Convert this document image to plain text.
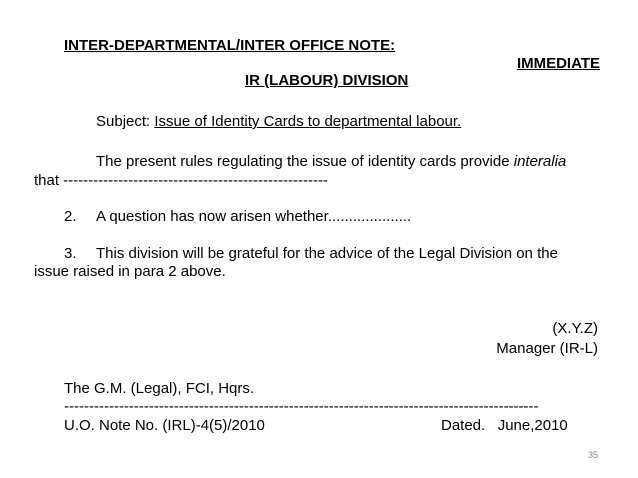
INTER-DEPARTMENTAL/INTER OFFICE NOTE:
IMMEDIATE
IR (LABOUR) DIVISION
Subject: Issue of Identity Cards to departmental labour.
The present rules regulating the issue of identity cards provide interalia
that -----------------------------------------------------
2. A question has now arisen whether....................
3. This division will be grateful for the advice of the Legal Division on the
issue raised in para 2 above.
(X.Y.Z)
Manager (IR-L)
The G.M. (Legal), FCI, Hqrs.
-----------------------------------------------------------------------------------------------
U.O. Note No. (IRL)-4(5)/2010	Dated.   June,2010
35
